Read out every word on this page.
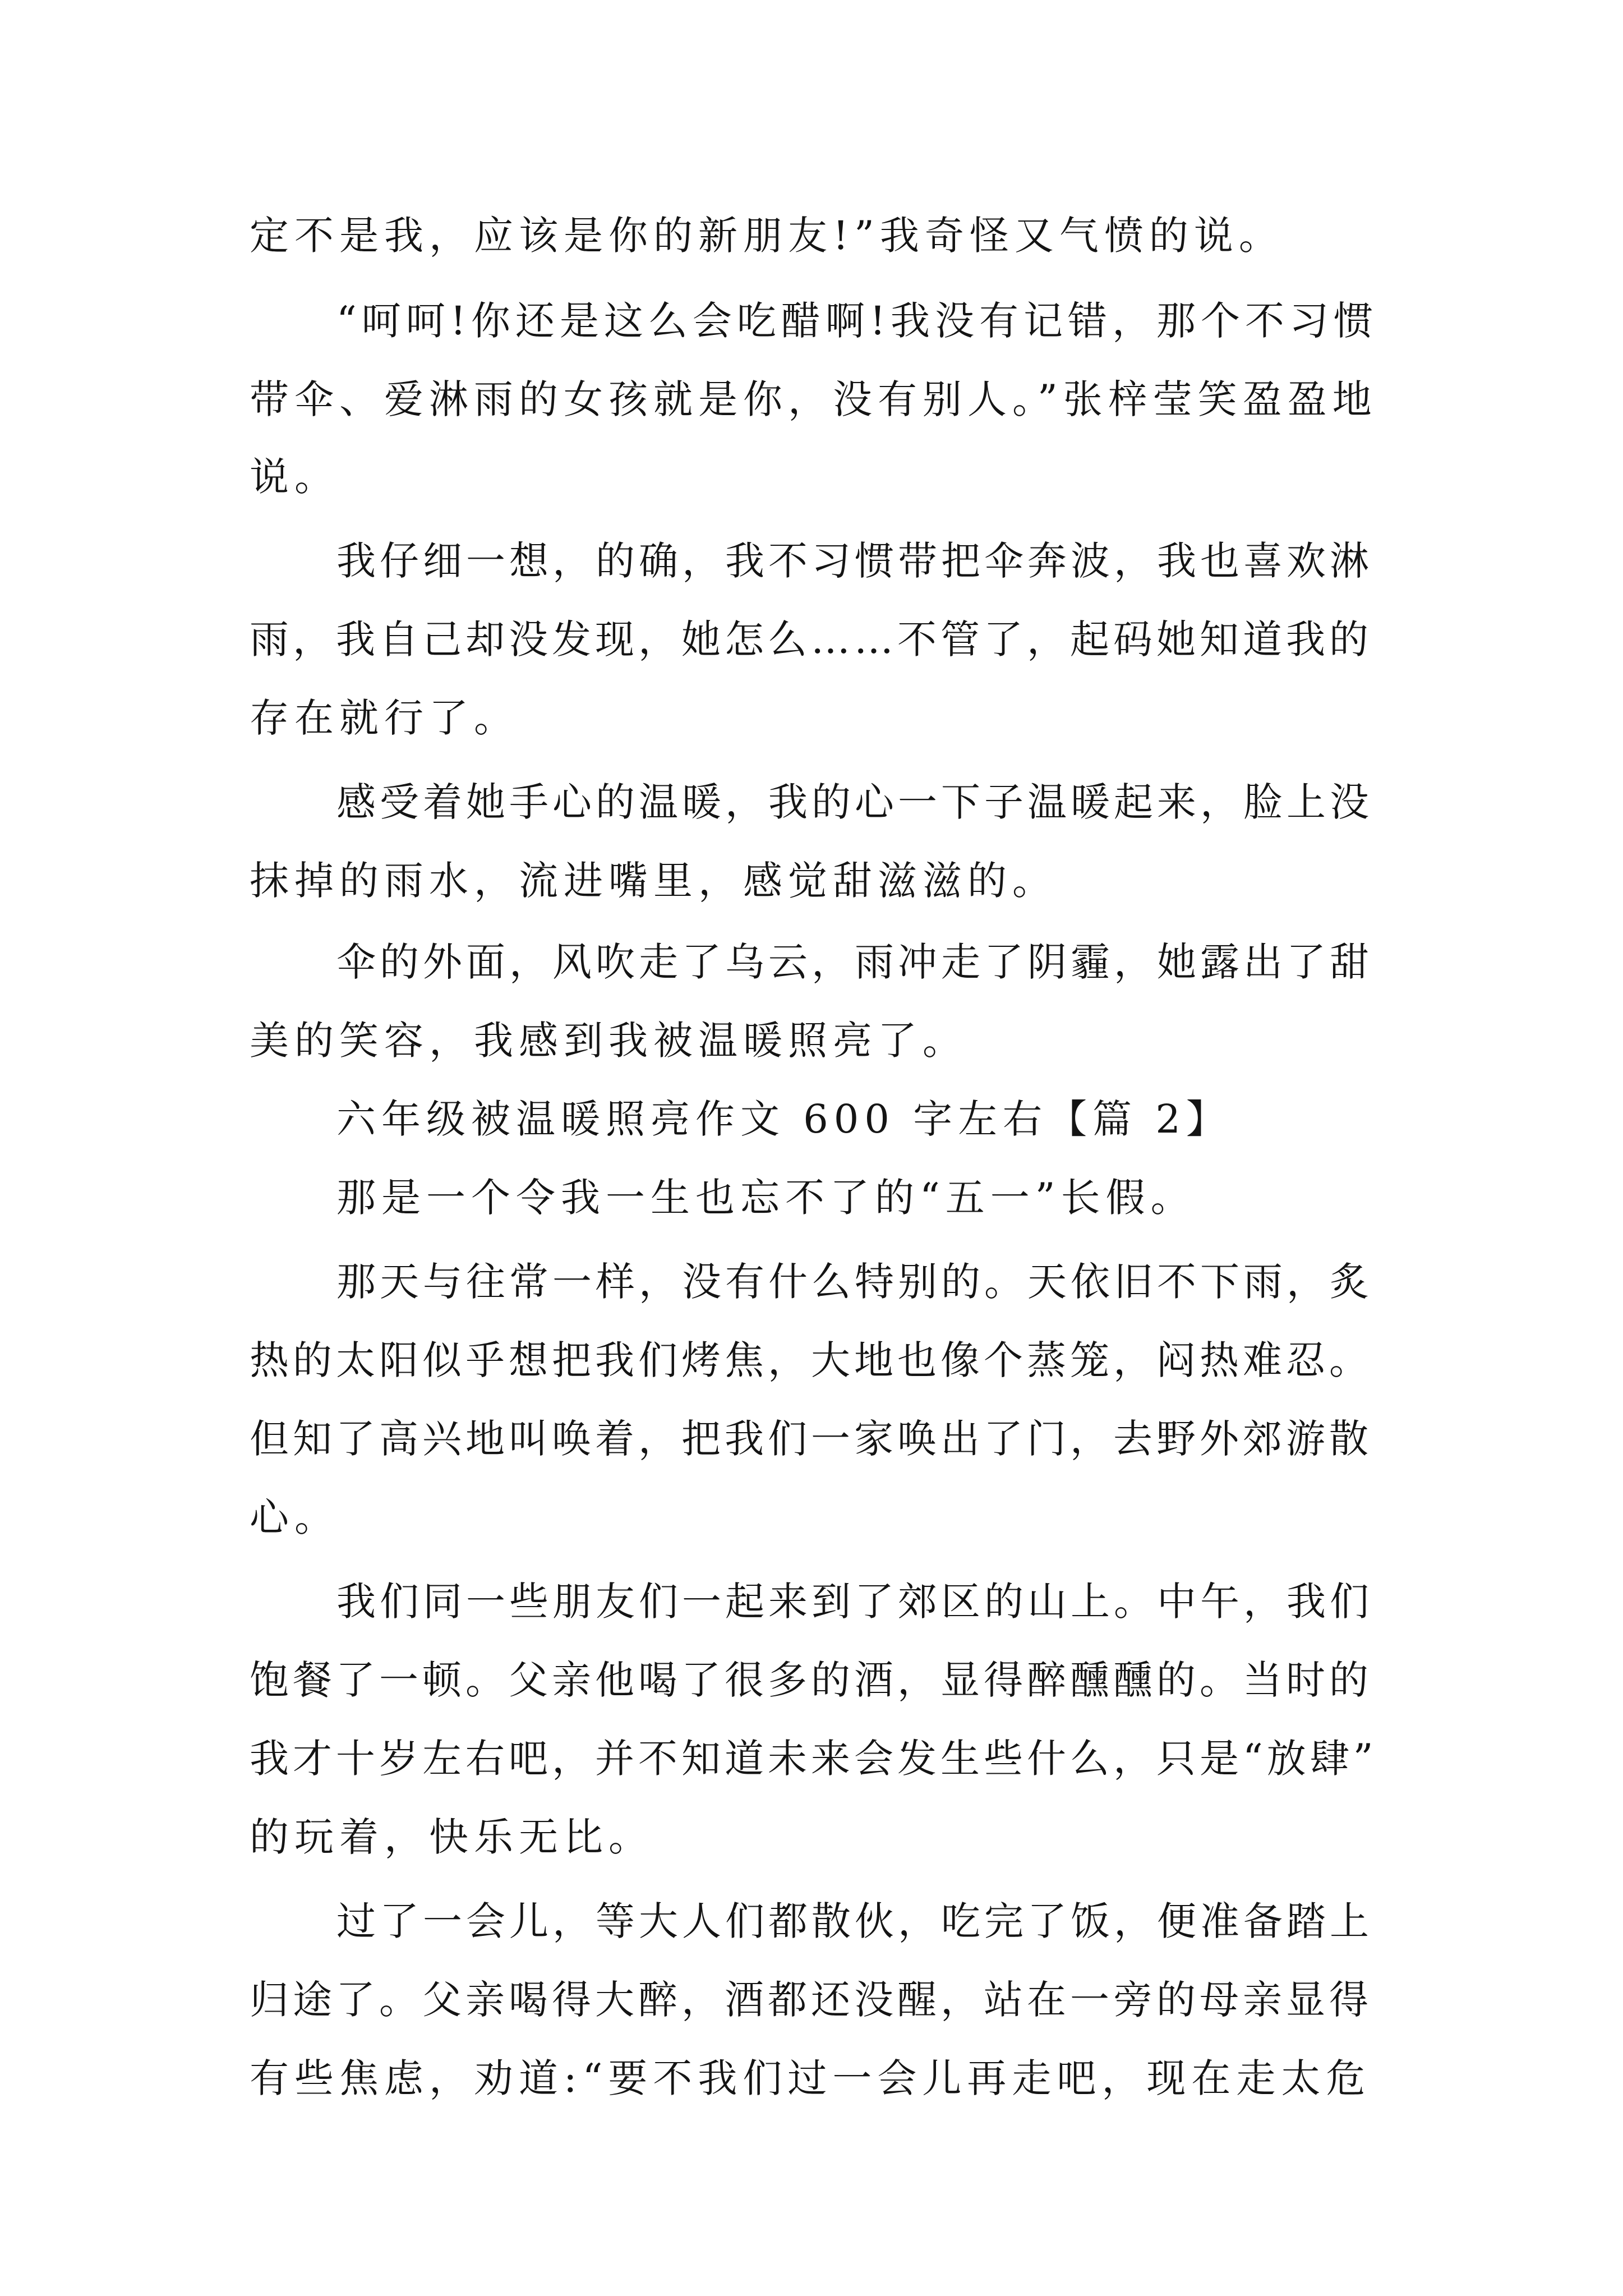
定不是我，应该是你的新朋友!”我奇怪又气愤的说。
“呵呵!你还是这么会吃醋啊!我没有记错，那个不习惯
带伞、爱淋雨的女孩就是你，没有别人。”张梓莹笑盈盈地
说。
我仔细一想，的确，我不习惯带把伞奔波，我也喜欢淋
雨，我自己却没发现，她怎么……不管了，起码她知道我的
存在就行了。
感受着她手心的温暖，我的心一下子温暖起来，脸上没
抹掉的雨水，流进嘴里，感觉甜滋滋的。
伞的外面，风吹走了乌云，雨冲走了阴霾，她露出了甜
美的笑容，我感到我被温暖照亮了。
六年级被温暖照亮作文 600 字左右【篇 2】
那是一个令我一生也忘不了的“五一”长假。
那天与往常一样，没有什么特别的。天依旧不下雨，炙
热的太阳似乎想把我们烤焦，大地也像个蒸笼，闷热难忍。
但知了高兴地叫唤着，把我们一家唤出了门，去野外郊游散
心。
我们同一些朋友们一起来到了郊区的山上。中午，我们
饱餐了一顿。父亲他喝了很多的酒，显得醉醺醺的。当时的
我才十岁左右吧，并不知道未来会发生些什么，只是“放肆”
的玩着，快乐无比。
过了一会儿，等大人们都散伙，吃完了饭，便准备踏上
归途了。父亲喝得大醉，酒都还没醒，站在一旁的母亲显得
有些焦虑，劝道:“要不我们过一会儿再走吧，现在走太危
